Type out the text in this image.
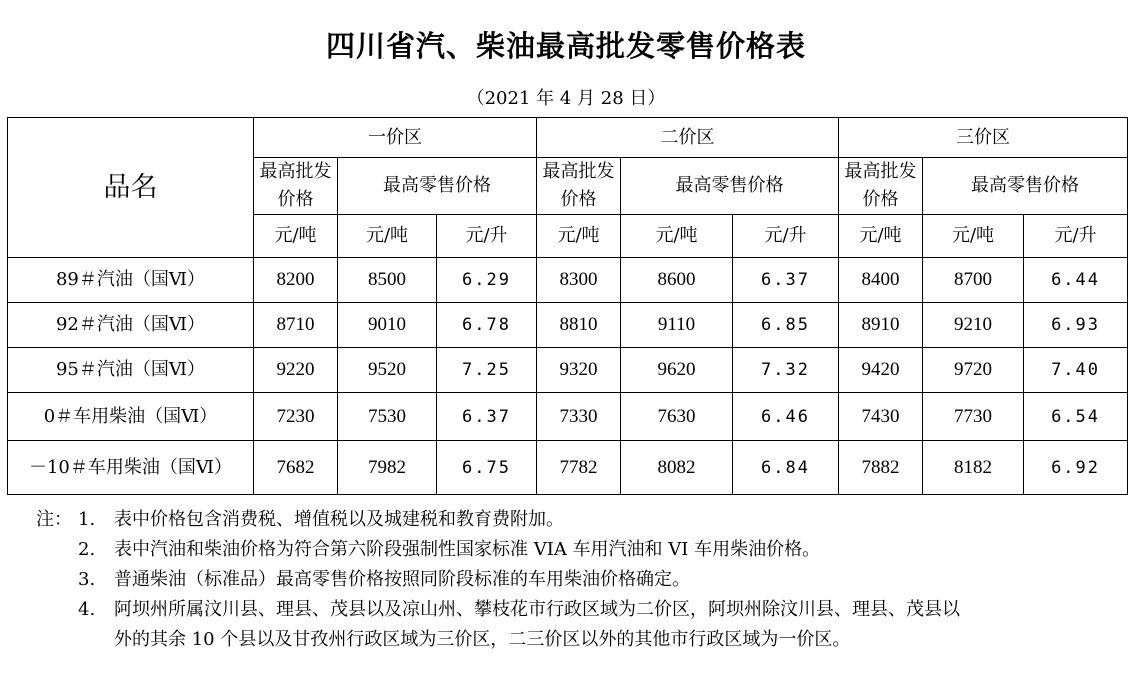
四川省汽、柴油最高批发零售价格表
（2021 年 4 月 28 日）
品名	一价区			二价区			三价区		
	最高批发价格	最高零售价格		最高批发价格	最高零售价格		最高批发价格	最高零售价格	
	元/吨	元/吨	元/升	元/吨	元/吨	元/升	元/吨	元/吨	元/升
89＃汽油（国Ⅵ）	8200	8500	6.29	8300	8600	6.37	8400	8700	6.44
92＃汽油（国Ⅵ）	8710	9010	6.78	8810	9110	6.85	8910	9210	6.93
95＃汽油（国Ⅵ）	9220	9520	7.25	9320	9620	7.32	9420	9720	7.40
0＃车用柴油（国Ⅵ）	7230	7530	6.37	7330	7630	6.46	7430	7730	6.54
－10＃车用柴油（国Ⅵ）	7682	7982	6.75	7782	8082	6.84	7882	8182	6.92
注： 1. 表中价格包含消费税、增值税以及城建税和教育费附加。
2. 表中汽油和柴油价格为符合第六阶段强制性国家标准 VIA 车用汽油和 VI 车用柴油价格。
3. 普通柴油（标准品）最高零售价格按照同阶段标准的车用柴油价格确定。
4. 阿坝州所属汶川县、理县、茂县以及凉山州、攀枝花市行政区域为二价区，阿坝州除汶川县、理县、茂县以
外的其余 10 个县以及甘孜州行政区域为三价区，二三价区以外的其他市行政区域为一价区。
